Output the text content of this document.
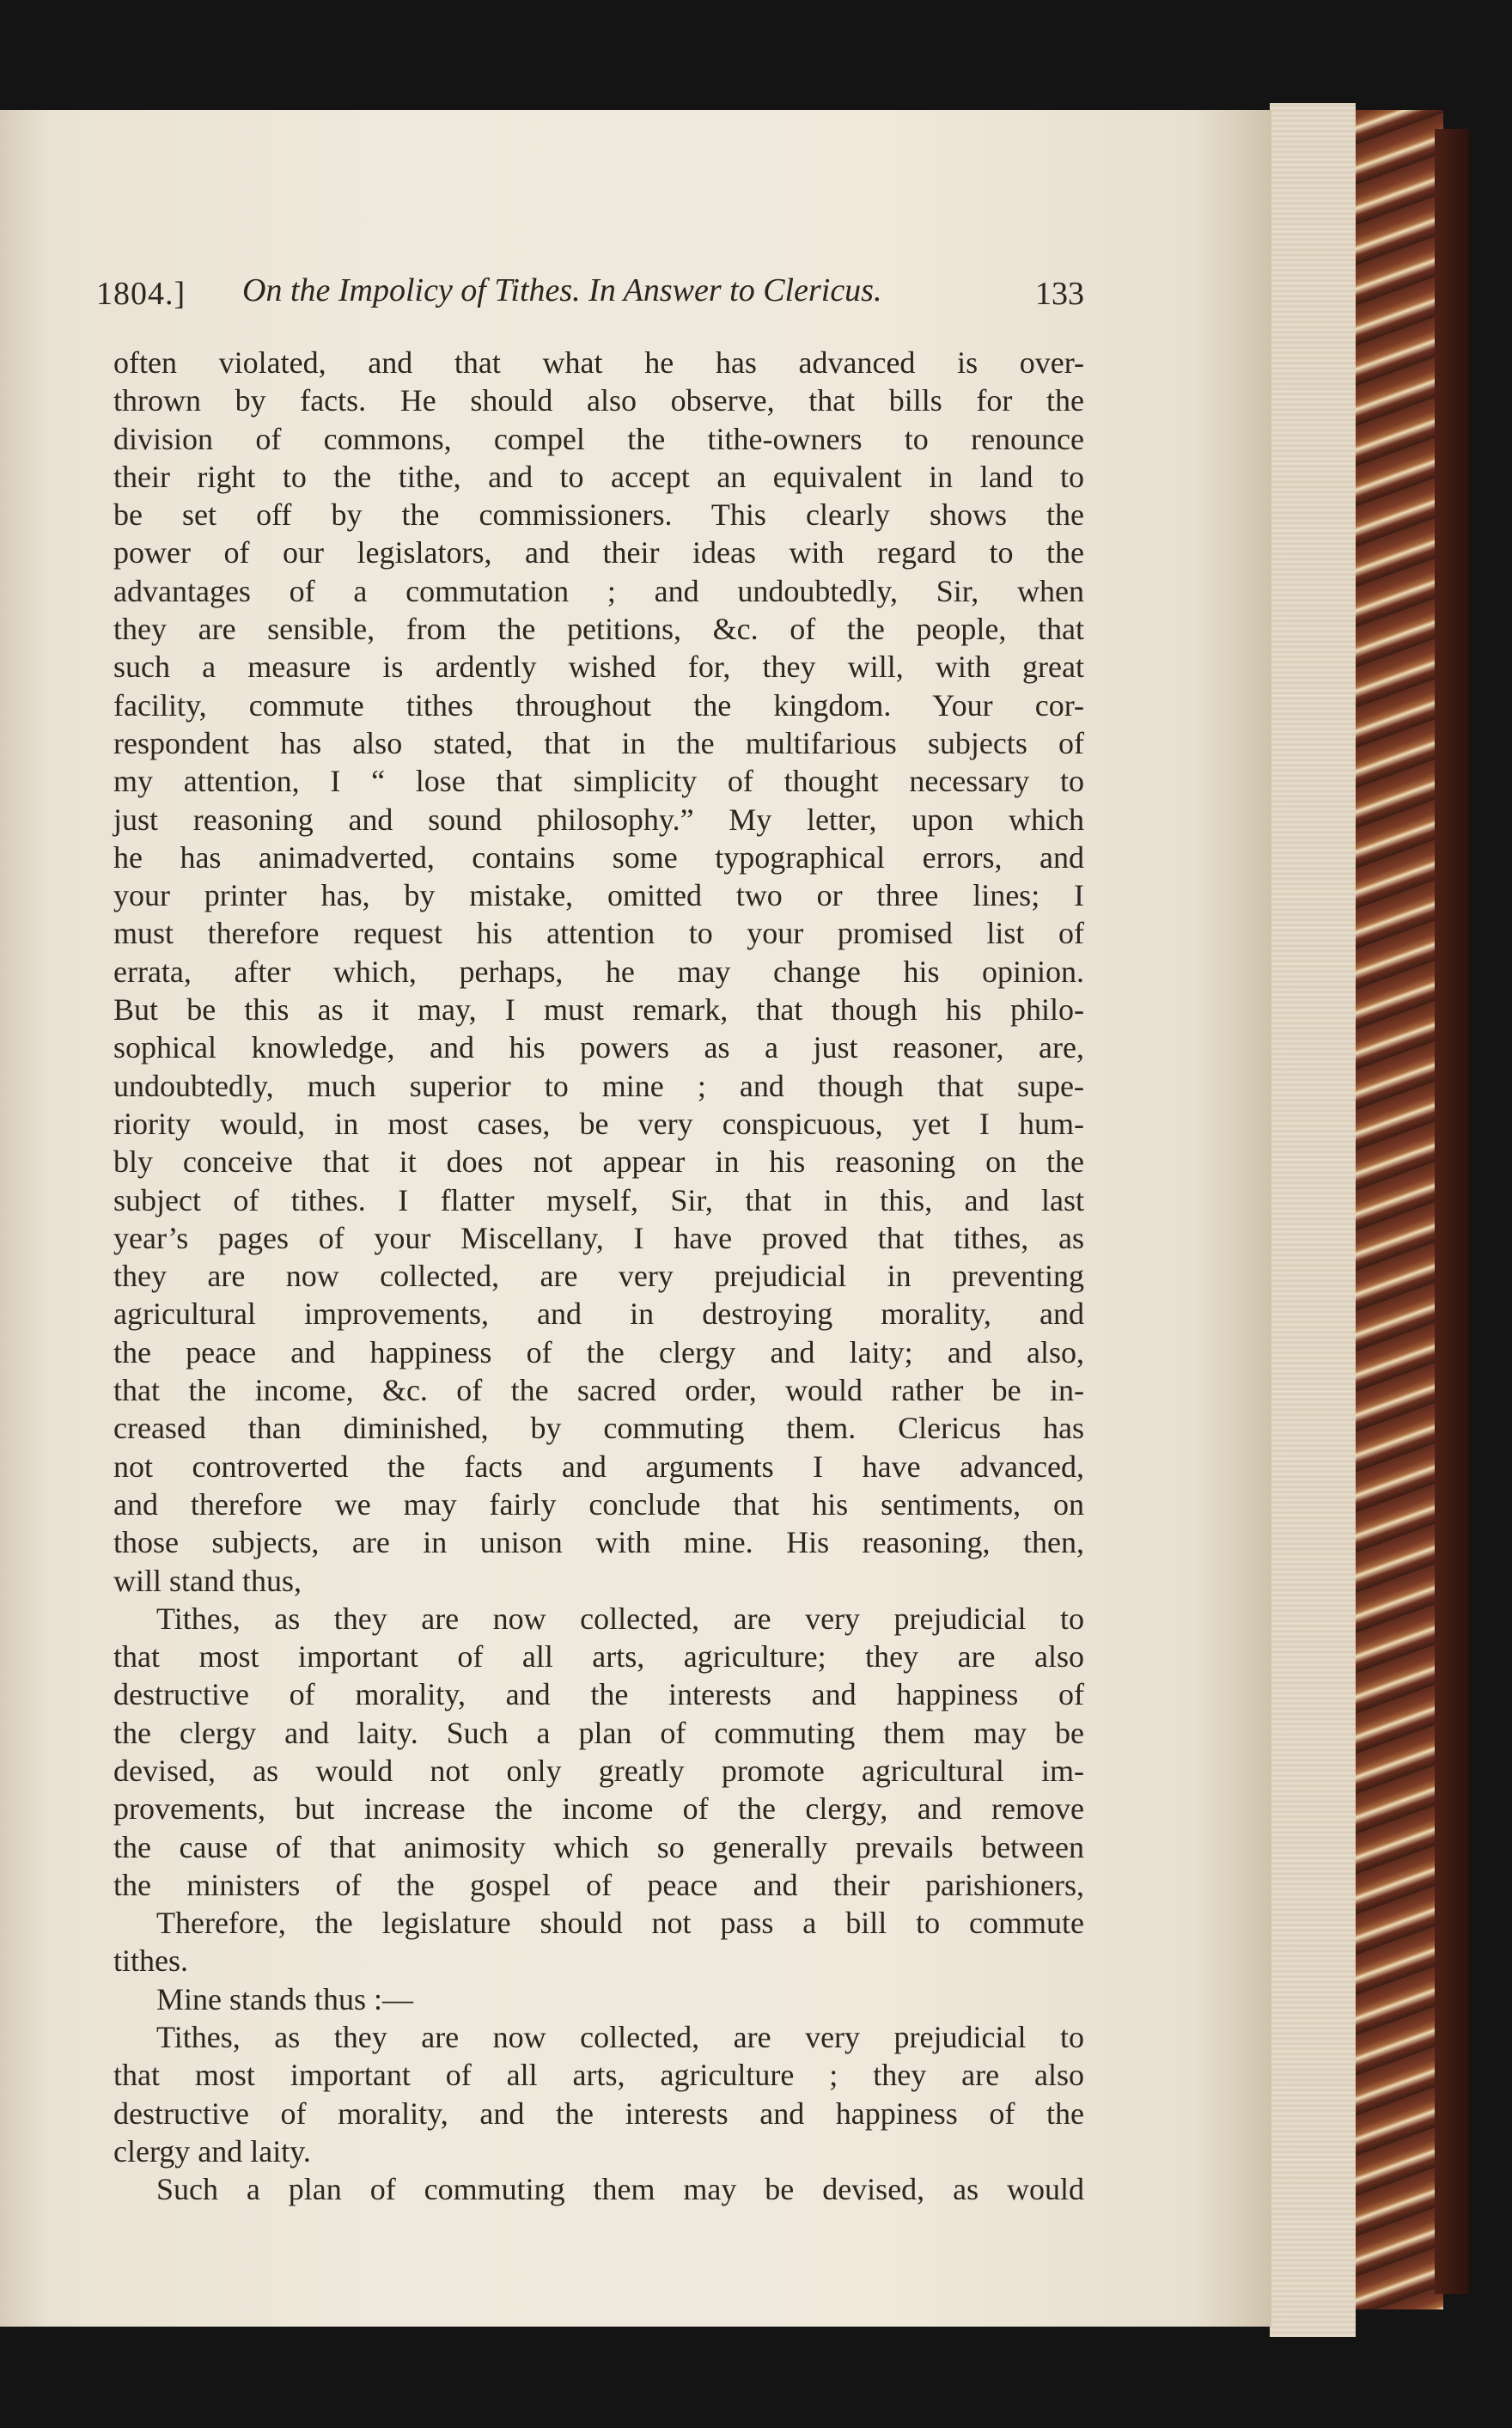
1804.] On the Impolicy of Tithes. In Answer to Clericus.	133
often violated, and that what he has advanced is over-
thrown by facts. He should also observe, that bills for the
division of commons, compel the tithe-owners to renounce
their right to the tithe, and to accept an equivalent in land to
be set off by the commissioners. This clearly shows the
power of our legislators, and their ideas with regard to the
advantages of a commutation ; and undoubtedly, Sir, when
they are sensible, from the petitions, &c. of the people, that
such a measure is ardently wished for, they will, with great
facility, commute tithes throughout the kingdom. Your cor-
respondent has also stated, that in the multifarious subjects of
my attention, I “ lose that simplicity of thought necessary to
just reasoning and sound philosophy.” My letter, upon which
he has animadverted, contains some typographical errors, and
your printer has, by mistake, omitted two or three lines; I
must therefore request his attention to your promised list of
errata, after which, perhaps, he may change his opinion.
But be this as it may, I must remark, that though his philo-
sophical knowledge, and his powers as a just reasoner, are,
undoubtedly, much superior to mine ; and though that supe-
riority would, in most cases, be very conspicuous, yet I hum-
bly conceive that it does not appear in his reasoning on the
subject of tithes. I flatter myself, Sir, that in this, and last
year’s pages of your Miscellany, I have proved that tithes, as
they are now collected, are very prejudicial in preventing
agricultural improvements, and in destroying morality, and
the peace and happiness of the clergy and laity; and also,
that the income, &c. of the sacred order, would rather be in-
creased than diminished, by commuting them. Clericus has
not controverted the facts and arguments I have advanced,
and therefore we may fairly conclude that his sentiments, on
those subjects, are in unison with mine. His reasoning, then,
will stand thus,
Tithes, as they are now collected, are very prejudicial to
that most important of all arts, agriculture; they are also
destructive of morality, and the interests and happiness of
the clergy and laity. Such a plan of commuting them may be
devised, as would not only greatly promote agricultural im-
provements, but increase the income of the clergy, and remove
the cause of that animosity which so generally prevails between
the ministers of the gospel of peace and their parishioners,
Therefore, the legislature should not pass a bill to commute
tithes.
Mine stands thus :—
Tithes, as they are now collected, are very prejudicial to
that most important of all arts, agriculture ; they are also
destructive of morality, and the interests and happiness of the
clergy and laity.
Such a plan of commuting them may be devised, as would
